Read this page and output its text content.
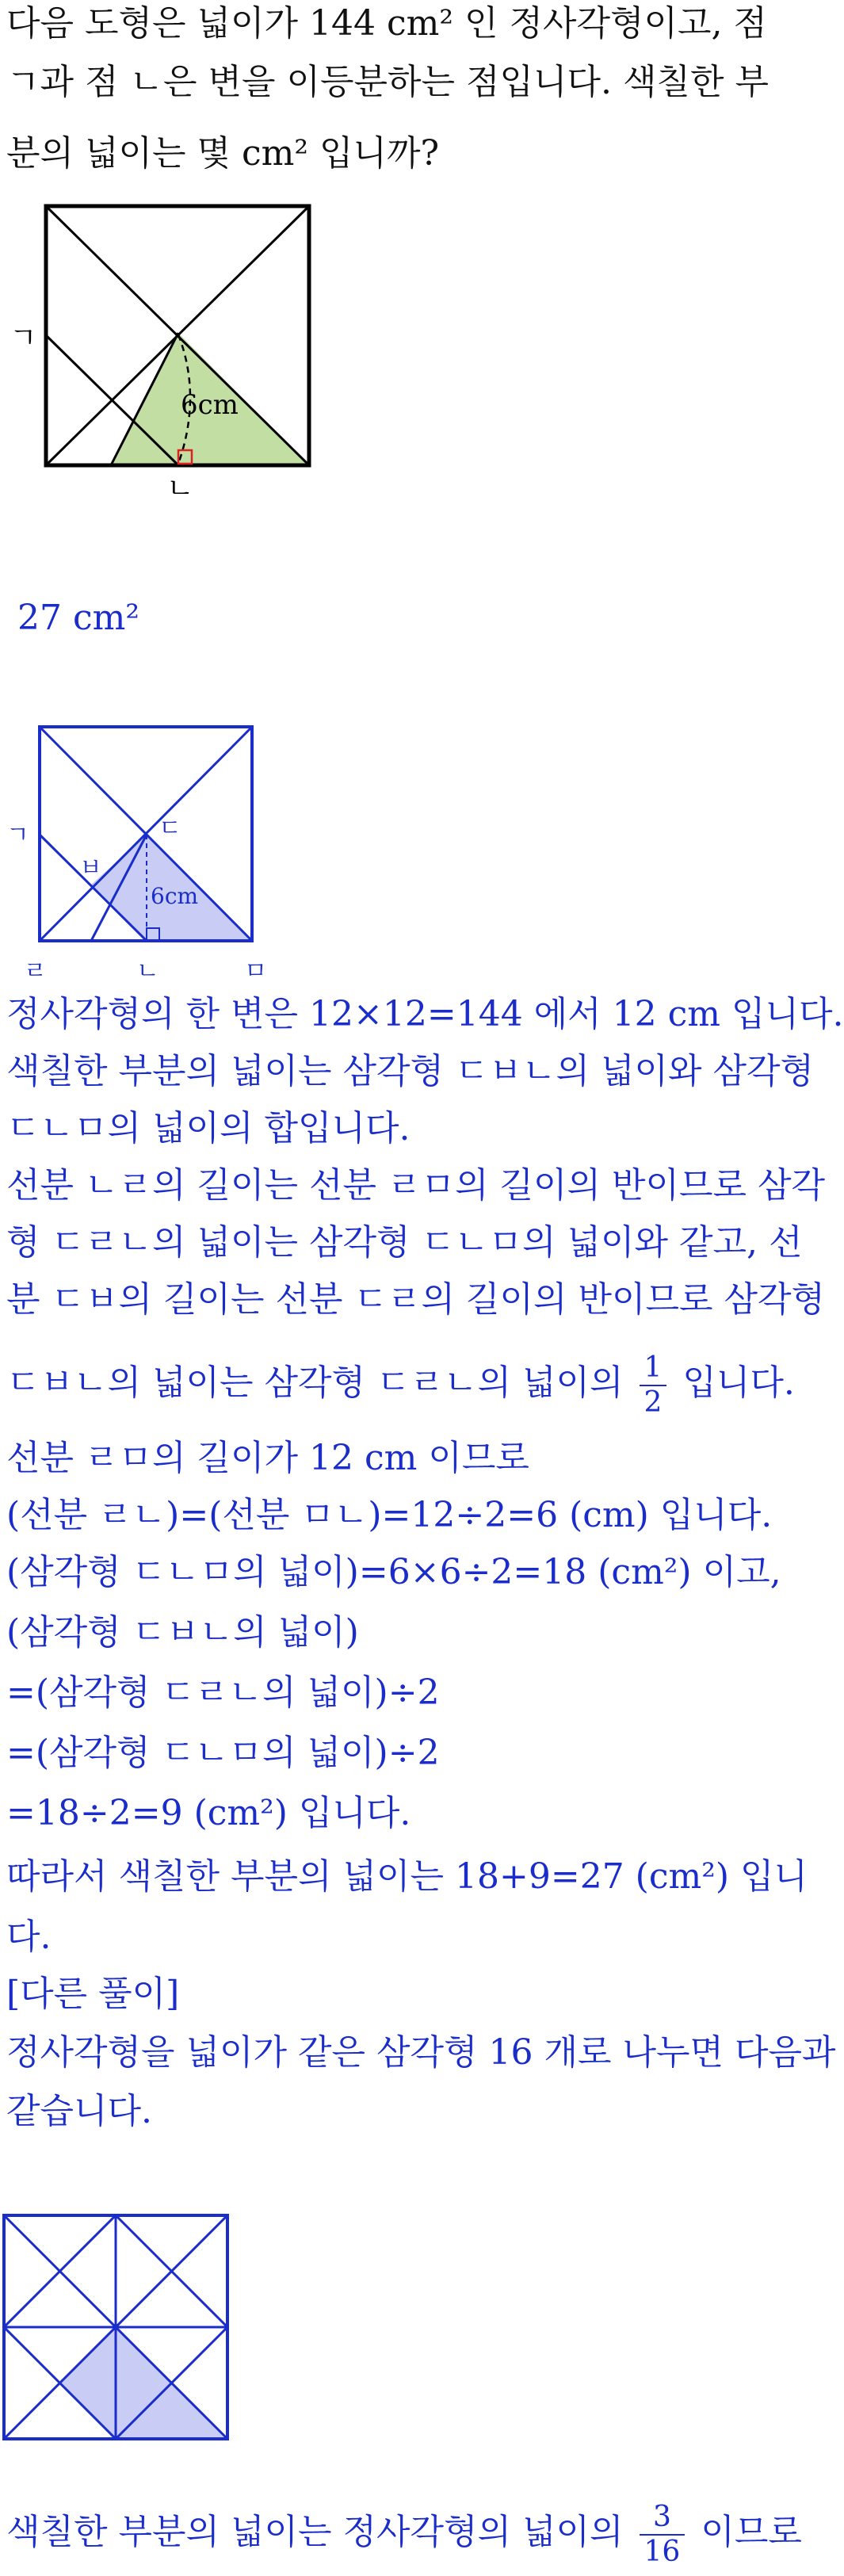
다음 도형은 넓이가 144 cm² 인 정사각형이고, 점
ㄱ과 점 ㄴ은 변을 이등분하는 점입니다. 색칠한 부
분의 넓이는 몇 cm² 입니까?
ㄱ
ㄴ
6cm
27 cm²
ㄱ
ㅂ
ㄷ
ㄹ	ㄴ	ㅁ
6cm
정사각형의 한 변은 12×12=144 에서 12 cm 입니다.
색칠한 부분의 넓이는 삼각형 ㄷㅂㄴ의 넓이와 삼각형
ㄷㄴㅁ의 넓이의 합입니다.
선분 ㄴㄹ의 길이는 선분 ㄹㅁ의 길이의 반이므로 삼각
형 ㄷㄹㄴ의 넓이는 삼각형 ㄷㄴㅁ의 넓이와 같고, 선
분 ㄷㅂ의 길이는 선분 ㄷㄹ의 길이의 반이므로 삼각형
ㄷㅂㄴ의 넓이는 삼각형 ㄷㄹㄴ의 넓이의 $\frac{1}{2}$ 입니다.
선분 ㄹㅁ의 길이가 12 cm 이므로
(선분 ㄹㄴ)=(선분 ㅁㄴ)=12÷2=6 (cm) 입니다.
(삼각형 ㄷㄴㅁ의 넓이)=6×6÷2=18 (cm²) 이고,
(삼각형 ㄷㅂㄴ의 넓이)
=(삼각형 ㄷㄹㄴ의 넓이)÷2
=(삼각형 ㄷㄴㅁ의 넓이)÷2
=18÷2=9 (cm²) 입니다.
따라서 색칠한 부분의 넓이는 18+9=27 (cm²) 입니
다.
[다른 풀이]
정사각형을 넓이가 같은 삼각형 16 개로 나누면 다음과
같습니다.
색칠한 부분의 넓이는 정사각형의 넓이의 $\frac{3}{16}$ 이므로
